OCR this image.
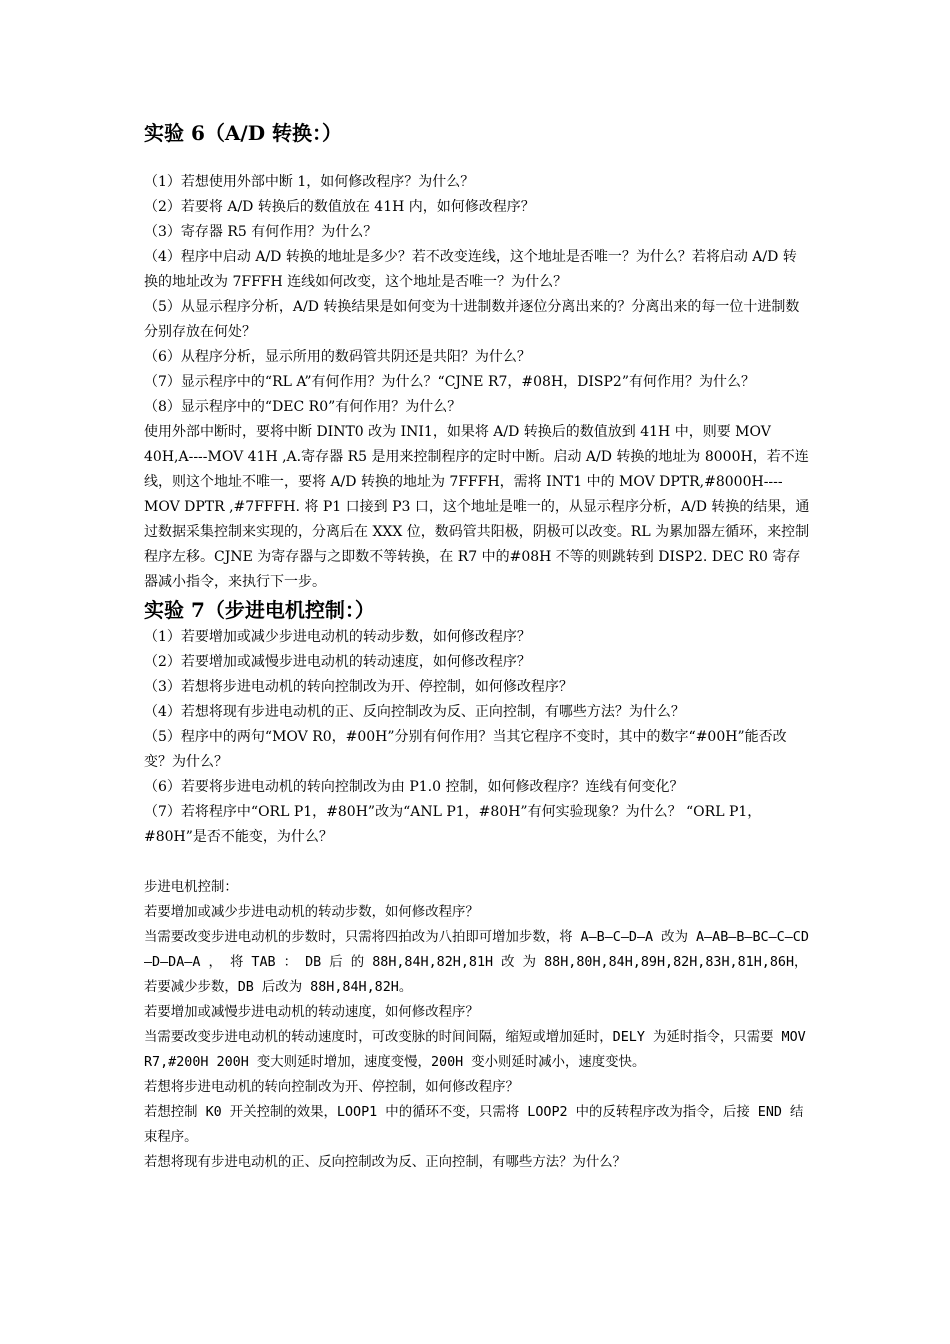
实验 6（A/D 转换：）

（1）若想使用外部中断 1，如何修改程序？为什么？

（2）若要将 A/D 转换后的数值放在 41H 内，如何修改程序？

（3）寄存器 R5 有何作用？为什么？

（4）程序中启动 A/D 转换的地址是多少？若不改变连线，这个地址是否唯一？为什么？若将启动 A/D 转换的地址改为 7FFFH 连线如何改变，这个地址是否唯一？为什么？

（5）从显示程序分析，A/D 转换结果是如何变为十进制数并逐位分离出来的？分离出来的每一位十进制数分别存放在何处？

（6）从程序分析，显示所用的数码管共阴还是共阳？为什么？

（7）显示程序中的“RL A”有何作用？为什么？“CJNE R7，#08H，DISP2”有何作用？为什么？

（8）显示程序中的“DEC R0”有何作用？为什么？

使用外部中断时，要将中断 DINT0 改为 INI1，如果将 A/D 转换后的数值放到 41H 中，则要 MOV 40H,A----MOV 41H ,A.寄存器 R5 是用来控制程序的定时中断。启动 A/D 转换的地址为 8000H，若不连线，则这个地址不唯一，要将 A/D 转换的地址为 7FFFH，需将 INT1 中的 MOV DPTR,#8000H----MOV DPTR ,#7FFFH. 将 P1 口接到 P3 口，这个地址是唯一的，从显示程序分析，A/D 转换的结果，通过数据采集控制来实现的，分离后在 XXX 位，数码管共阳极，阴极可以改变。RL 为累加器左循环，来控制程序左移。CJNE 为寄存器与之即数不等转换，在 R7 中的#08H 不等的则跳转到 DISP2. DEC R0 寄存器减小指令，来执行下一步。

实验 7（步进电机控制：）

（1）若要增加或减少步进电动机的转动步数，如何修改程序？

（2）若要增加或减慢步进电动机的转动速度，如何修改程序？

（3）若想将步进电动机的转向控制改为开、停控制，如何修改程序？

（4）若想将现有步进电动机的正、反向控制改为反、正向控制，有哪些方法？为什么？

（5）程序中的两句“MOV R0，#00H”分别有何作用？当其它程序不变时，其中的数字“#00H”能否改变？为什么？

（6）若要将步进电动机的转向控制改为由 P1.0 控制，如何修改程序？连线有何变化？

（7）若将程序中“ORL P1，#80H”改为“ANL P1，#80H”有何实验现象？为什么？ “ORL P1，#80H”是否不能变，为什么？

步进电机控制：

若要增加或减少步进电动机的转动步数，如何修改程序？

当需要改变步进电动机的步数时，只需将四拍改为八拍即可增加步数，将 A—B—C—D—A 改为 A—AB—B—BC—C—CD—D—DA—A ， 将 TAB ： DB 后 的 88H,84H,82H,81H 改 为 88H,80H,84H,89H,82H,83H,81H,86H，若要减少步数，DB 后改为 88H,84H,82H。

若要增加或减慢步进电动机的转动速度，如何修改程序？

当需要改变步进电动机的转动速度时，可改变脉的时间间隔，缩短或增加延时，DELY 为延时指令，只需要 MOV R7,#200H 200H 变大则延时增加，速度变慢，200H 变小则延时减小，速度变快。

若想将步进电动机的转向控制改为开、停控制，如何修改程序？

若想控制 K0 开关控制的效果，LOOP1 中的循环不变，只需将 LOOP2 中的反转程序改为指令，后接 END 结束程序。

若想将现有步进电动机的正、反向控制改为反、正向控制，有哪些方法？为什么？
